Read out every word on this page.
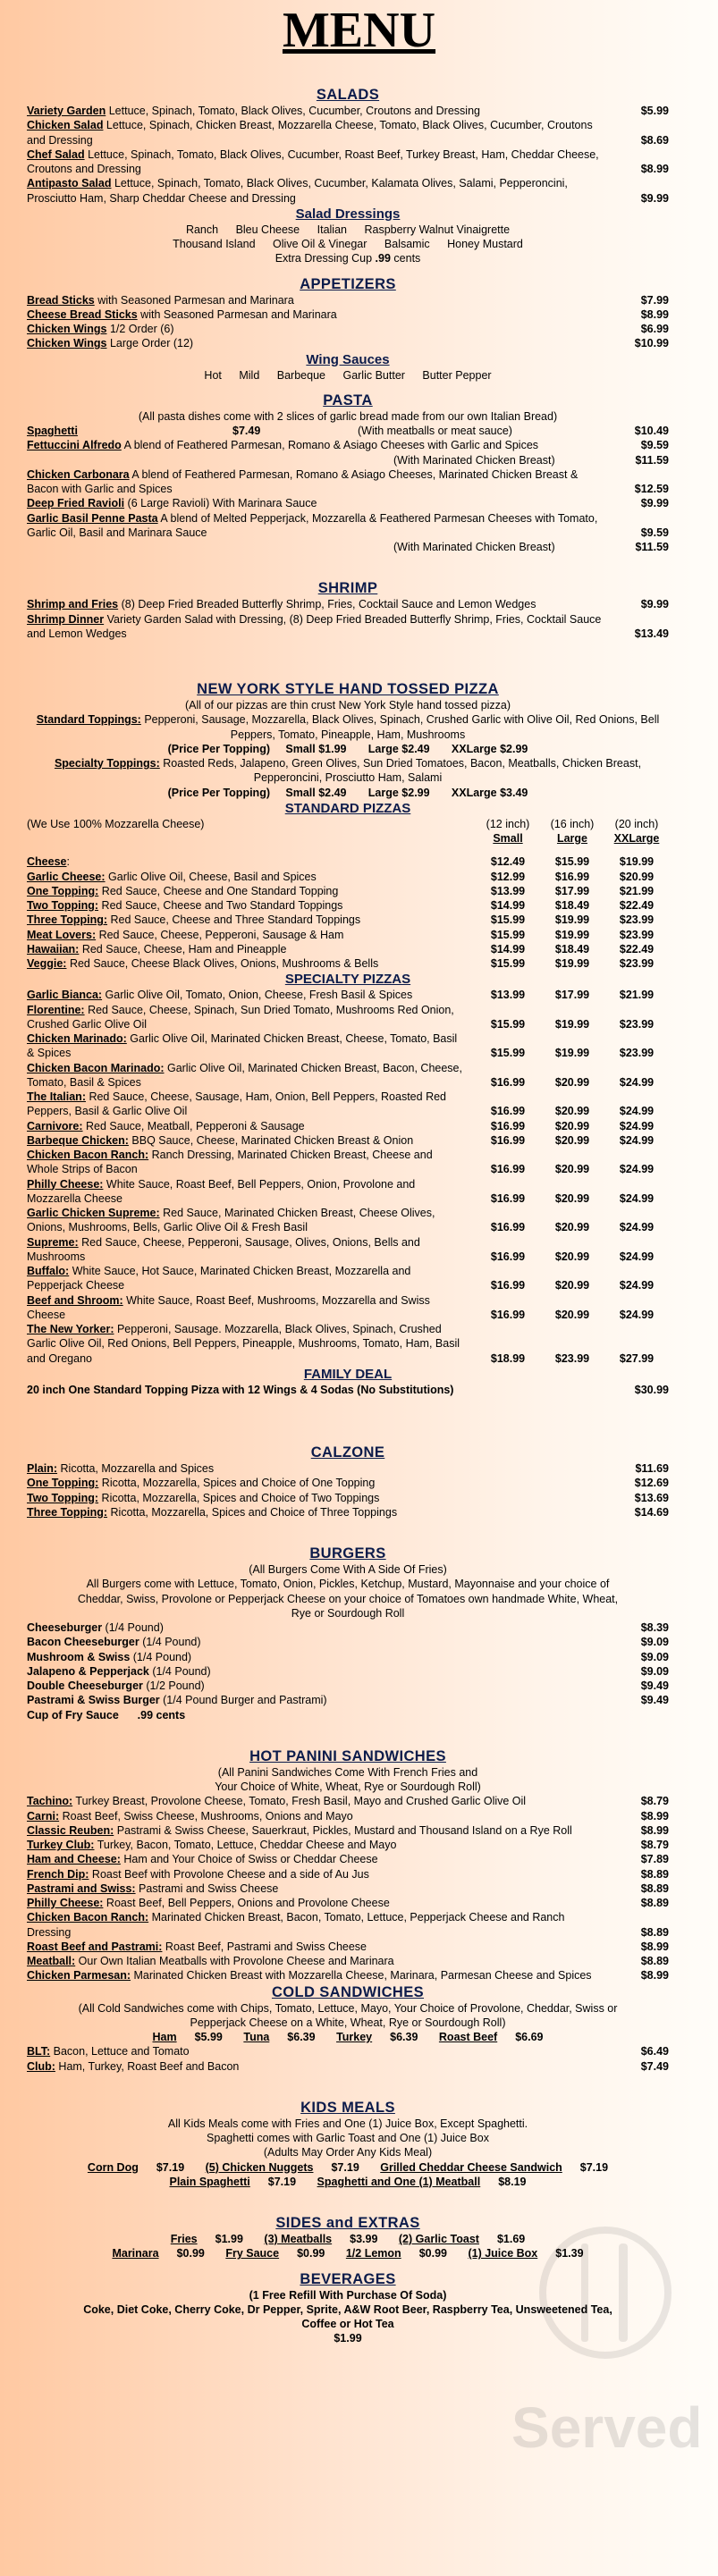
MENU
Served
SALADS
Variety Garden Lettuce, Spinach, Tomato, Black Olives, Cucumber, Croutons and Dressing	$5.99
Chicken Salad Lettuce, Spinach, Chicken Breast, Mozzarella Cheese, Tomato, Black Olives, Cucumber, Croutons and Dressing	$8.69
Chef Salad Lettuce, Spinach, Tomato, Black Olives, Cucumber, Roast Beef, Turkey Breast, Ham, Cheddar Cheese, Croutons and Dressing	$8.99
Antipasto Salad Lettuce, Spinach, Tomato, Black Olives, Cucumber, Kalamata Olives, Salami, Pepperoncini, Prosciutto Ham, Sharp Cheddar Cheese and Dressing	$9.99
Salad Dressings
Ranch Bleu Cheese Italian Raspberry Walnut Vinaigrette
Thousand Island Olive Oil & Vinegar Balsamic Honey Mustard
Extra Dressing Cup .99 cents
APPETIZERS
Bread Sticks with Seasoned Parmesan and Marinara	$7.99
Cheese Bread Sticks with Seasoned Parmesan and Marinara	$8.99
Chicken Wings 1/2 Order (6)	$6.99
Chicken Wings Large Order (12)	$10.99
Wing Sauces
Hot Mild Barbeque Garlic Butter Butter Pepper
PASTA
(All pasta dishes come with 2 slices of garlic bread made from our own Italian Bread)
Spaghetti	$7.49	(With meatballs or meat sauce)	$10.49
Fettuccini Alfredo A blend of Feathered Parmesan, Romano & Asiago Cheeses with Garlic and Spices	$9.59
(With Marinated Chicken Breast)	$11.59
Chicken Carbonara A blend of Feathered Parmesan, Romano & Asiago Cheeses, Marinated Chicken Breast & Bacon with Garlic and Spices	$12.59
Deep Fried Ravioli (6 Large Ravioli) With Marinara Sauce	$9.99
Garlic Basil Penne Pasta A blend of Melted Pepperjack, Mozzarella & Feathered Parmesan Cheeses with Tomato, Garlic Oil, Basil and Marinara Sauce	$9.59
(With Marinated Chicken Breast)	$11.59
SHRIMP
Shrimp and Fries (8) Deep Fried Breaded Butterfly Shrimp, Fries, Cocktail Sauce and Lemon Wedges	$9.99
Shrimp Dinner Variety Garden Salad with Dressing, (8) Deep Fried Breaded Butterfly Shrimp, Fries, Cocktail Sauce and Lemon Wedges	$13.49
NEW YORK STYLE HAND TOSSED PIZZA
(All of our pizzas are thin crust New York Style hand tossed pizza)
Standard Toppings: Pepperoni, Sausage, Mozzarella, Black Olives, Spinach, Crushed Garlic with Olive Oil, Red Onions, Bell Peppers, Tomato, Pineapple, Ham, Mushrooms
(Price Per Topping) Small $1.99 Large $2.49 XXLarge $2.99
Specialty Toppings: Roasted Reds, Jalapeno, Green Olives, Sun Dried Tomatoes, Bacon, Meatballs, Chicken Breast, Pepperoncini, Prosciutto Ham, Salami
(Price Per Topping) Small $2.49 Large $2.99 XXLarge $3.49
STANDARD PIZZAS
(We Use 100% Mozzarella Cheese)	(12 inch)	(16 inch)	(20 inch)
Small	Large	XXLarge
Cheese:	$12.49	$15.99	$19.99
Garlic Cheese: Garlic Olive Oil, Cheese, Basil and Spices	$12.99	$16.99	$20.99
One Topping: Red Sauce, Cheese and One Standard Topping	$13.99	$17.99	$21.99
Two Topping: Red Sauce, Cheese and Two Standard Toppings	$14.99	$18.49	$22.49
Three Topping: Red Sauce, Cheese and Three Standard Toppings	$15.99	$19.99	$23.99
Meat Lovers: Red Sauce, Cheese, Pepperoni, Sausage & Ham	$15.99	$19.99	$23.99
Hawaiian: Red Sauce, Cheese, Ham and Pineapple	$14.99	$18.49	$22.49
Veggie: Red Sauce, Cheese Black Olives, Onions, Mushrooms & Bells	$15.99	$19.99	$23.99
SPECIALTY PIZZAS
Garlic Bianca: Garlic Olive Oil, Tomato, Onion, Cheese, Fresh Basil & Spices	$13.99	$17.99	$21.99
Florentine: Red Sauce, Cheese, Spinach, Sun Dried Tomato, Mushrooms Red Onion, Crushed Garlic Olive Oil	$15.99	$19.99	$23.99
Chicken Marinado: Garlic Olive Oil, Marinated Chicken Breast, Cheese, Tomato, Basil & Spices	$15.99	$19.99	$23.99
Chicken Bacon Marinado: Garlic Olive Oil, Marinated Chicken Breast, Bacon, Cheese, Tomato, Basil & Spices	$16.99	$20.99	$24.99
The Italian: Red Sauce, Cheese, Sausage, Ham, Onion, Bell Peppers, Roasted Red Peppers, Basil & Garlic Olive Oil	$16.99	$20.99	$24.99
Carnivore: Red Sauce, Meatball, Pepperoni & Sausage	$16.99	$20.99	$24.99
Barbeque Chicken: BBQ Sauce, Cheese, Marinated Chicken Breast & Onion	$16.99	$20.99	$24.99
Chicken Bacon Ranch: Ranch Dressing, Marinated Chicken Breast, Cheese and Whole Strips of Bacon	$16.99	$20.99	$24.99
Philly Cheese: White Sauce, Roast Beef, Bell Peppers, Onion, Provolone and Mozzarella Cheese	$16.99	$20.99	$24.99
Garlic Chicken Supreme: Red Sauce, Marinated Chicken Breast, Cheese Olives, Onions, Mushrooms, Bells, Garlic Olive Oil & Fresh Basil	$16.99	$20.99	$24.99
Supreme: Red Sauce, Cheese, Pepperoni, Sausage, Olives, Onions, Bells and Mushrooms	$16.99	$20.99	$24.99
Buffalo: White Sauce, Hot Sauce, Marinated Chicken Breast, Mozzarella and Pepperjack Cheese	$16.99	$20.99	$24.99
Beef and Shroom: White Sauce, Roast Beef, Mushrooms, Mozzarella and Swiss Cheese	$16.99	$20.99	$24.99
The New Yorker: Pepperoni, Sausage. Mozzarella, Black Olives, Spinach, Crushed Garlic Olive Oil, Red Onions, Bell Peppers, Pineapple, Mushrooms, Tomato, Ham, Basil and Oregano	$18.99	$23.99	$27.99
FAMILY DEAL
20 inch One Standard Topping Pizza with 12 Wings & 4 Sodas (No Substitutions)	$30.99
CALZONE
Plain: Ricotta, Mozzarella and Spices	$11.69
One Topping: Ricotta, Mozzarella, Spices and Choice of One Topping	$12.69
Two Topping: Ricotta, Mozzarella, Spices and Choice of Two Toppings	$13.69
Three Topping: Ricotta, Mozzarella, Spices and Choice of Three Toppings	$14.69
BURGERS
(All Burgers Come With A Side Of Fries)
All Burgers come with Lettuce, Tomato, Onion, Pickles, Ketchup, Mustard, Mayonnaise and your choice of Cheddar, Swiss, Provolone or Pepperjack Cheese on your choice of Tomatoes own handmade White, Wheat, Rye or Sourdough Roll
Cheeseburger (1/4 Pound)	$8.39
Bacon Cheeseburger (1/4 Pound)	$9.09
Mushroom & Swiss (1/4 Pound)	$9.09
Jalapeno & Pepperjack (1/4 Pound)	$9.09
Double Cheeseburger (1/2 Pound)	$9.49
Pastrami & Swiss Burger (1/4 Pound Burger and Pastrami)	$9.49
Cup of Fry Sauce .99 cents
HOT PANINI SANDWICHES
(All Panini Sandwiches Come With French Fries and
Your Choice of White, Wheat, Rye or Sourdough Roll)
Tachino: Turkey Breast, Provolone Cheese, Tomato, Fresh Basil, Mayo and Crushed Garlic Olive Oil	$8.79
Carni: Roast Beef, Swiss Cheese, Mushrooms, Onions and Mayo	$8.99
Classic Reuben: Pastrami & Swiss Cheese, Sauerkraut, Pickles, Mustard and Thousand Island on a Rye Roll	$8.99
Turkey Club: Turkey, Bacon, Tomato, Lettuce, Cheddar Cheese and Mayo	$8.79
Ham and Cheese: Ham and Your Choice of Swiss or Cheddar Cheese	$7.89
French Dip: Roast Beef with Provolone Cheese and a side of Au Jus	$8.89
Pastrami and Swiss: Pastrami and Swiss Cheese	$8.89
Philly Cheese: Roast Beef, Bell Peppers, Onions and Provolone Cheese	$8.89
Chicken Bacon Ranch: Marinated Chicken Breast, Bacon, Tomato, Lettuce, Pepperjack Cheese and Ranch Dressing	$8.89
Roast Beef and Pastrami: Roast Beef, Pastrami and Swiss Cheese	$8.99
Meatball: Our Own Italian Meatballs with Provolone Cheese and Marinara	$8.89
Chicken Parmesan: Marinated Chicken Breast with Mozzarella Cheese, Marinara, Parmesan Cheese and Spices	$8.99
COLD SANDWICHES
(All Cold Sandwiches come with Chips, Tomato, Lettuce, Mayo, Your Choice of Provolone, Cheddar, Swiss or Pepperjack Cheese on a White, Wheat, Rye or Sourdough Roll)
Ham $5.99 Tuna $6.39 Turkey $6.39 Roast Beef $6.69
BLT: Bacon, Lettuce and Tomato	$6.49
Club: Ham, Turkey, Roast Beef and Bacon	$7.49
KIDS MEALS
All Kids Meals come with Fries and One (1) Juice Box, Except Spaghetti.
Spaghetti comes with Garlic Toast and One (1) Juice Box
(Adults May Order Any Kids Meal)
Corn Dog $7.19 (5) Chicken Nuggets $7.19 Grilled Cheddar Cheese Sandwich $7.19
Plain Spaghetti $7.19 Spaghetti and One (1) Meatball $8.19
SIDES and EXTRAS
Fries $1.99 (3) Meatballs $3.99 (2) Garlic Toast $1.69
Marinara $0.99 Fry Sauce $0.99 1/2 Lemon $0.99 (1) Juice Box $1.39
BEVERAGES
(1 Free Refill With Purchase Of Soda)
Coke, Diet Coke, Cherry Coke, Dr Pepper, Sprite, A&W Root Beer, Raspberry Tea, Unsweetened Tea, Coffee or Hot Tea
$1.99
